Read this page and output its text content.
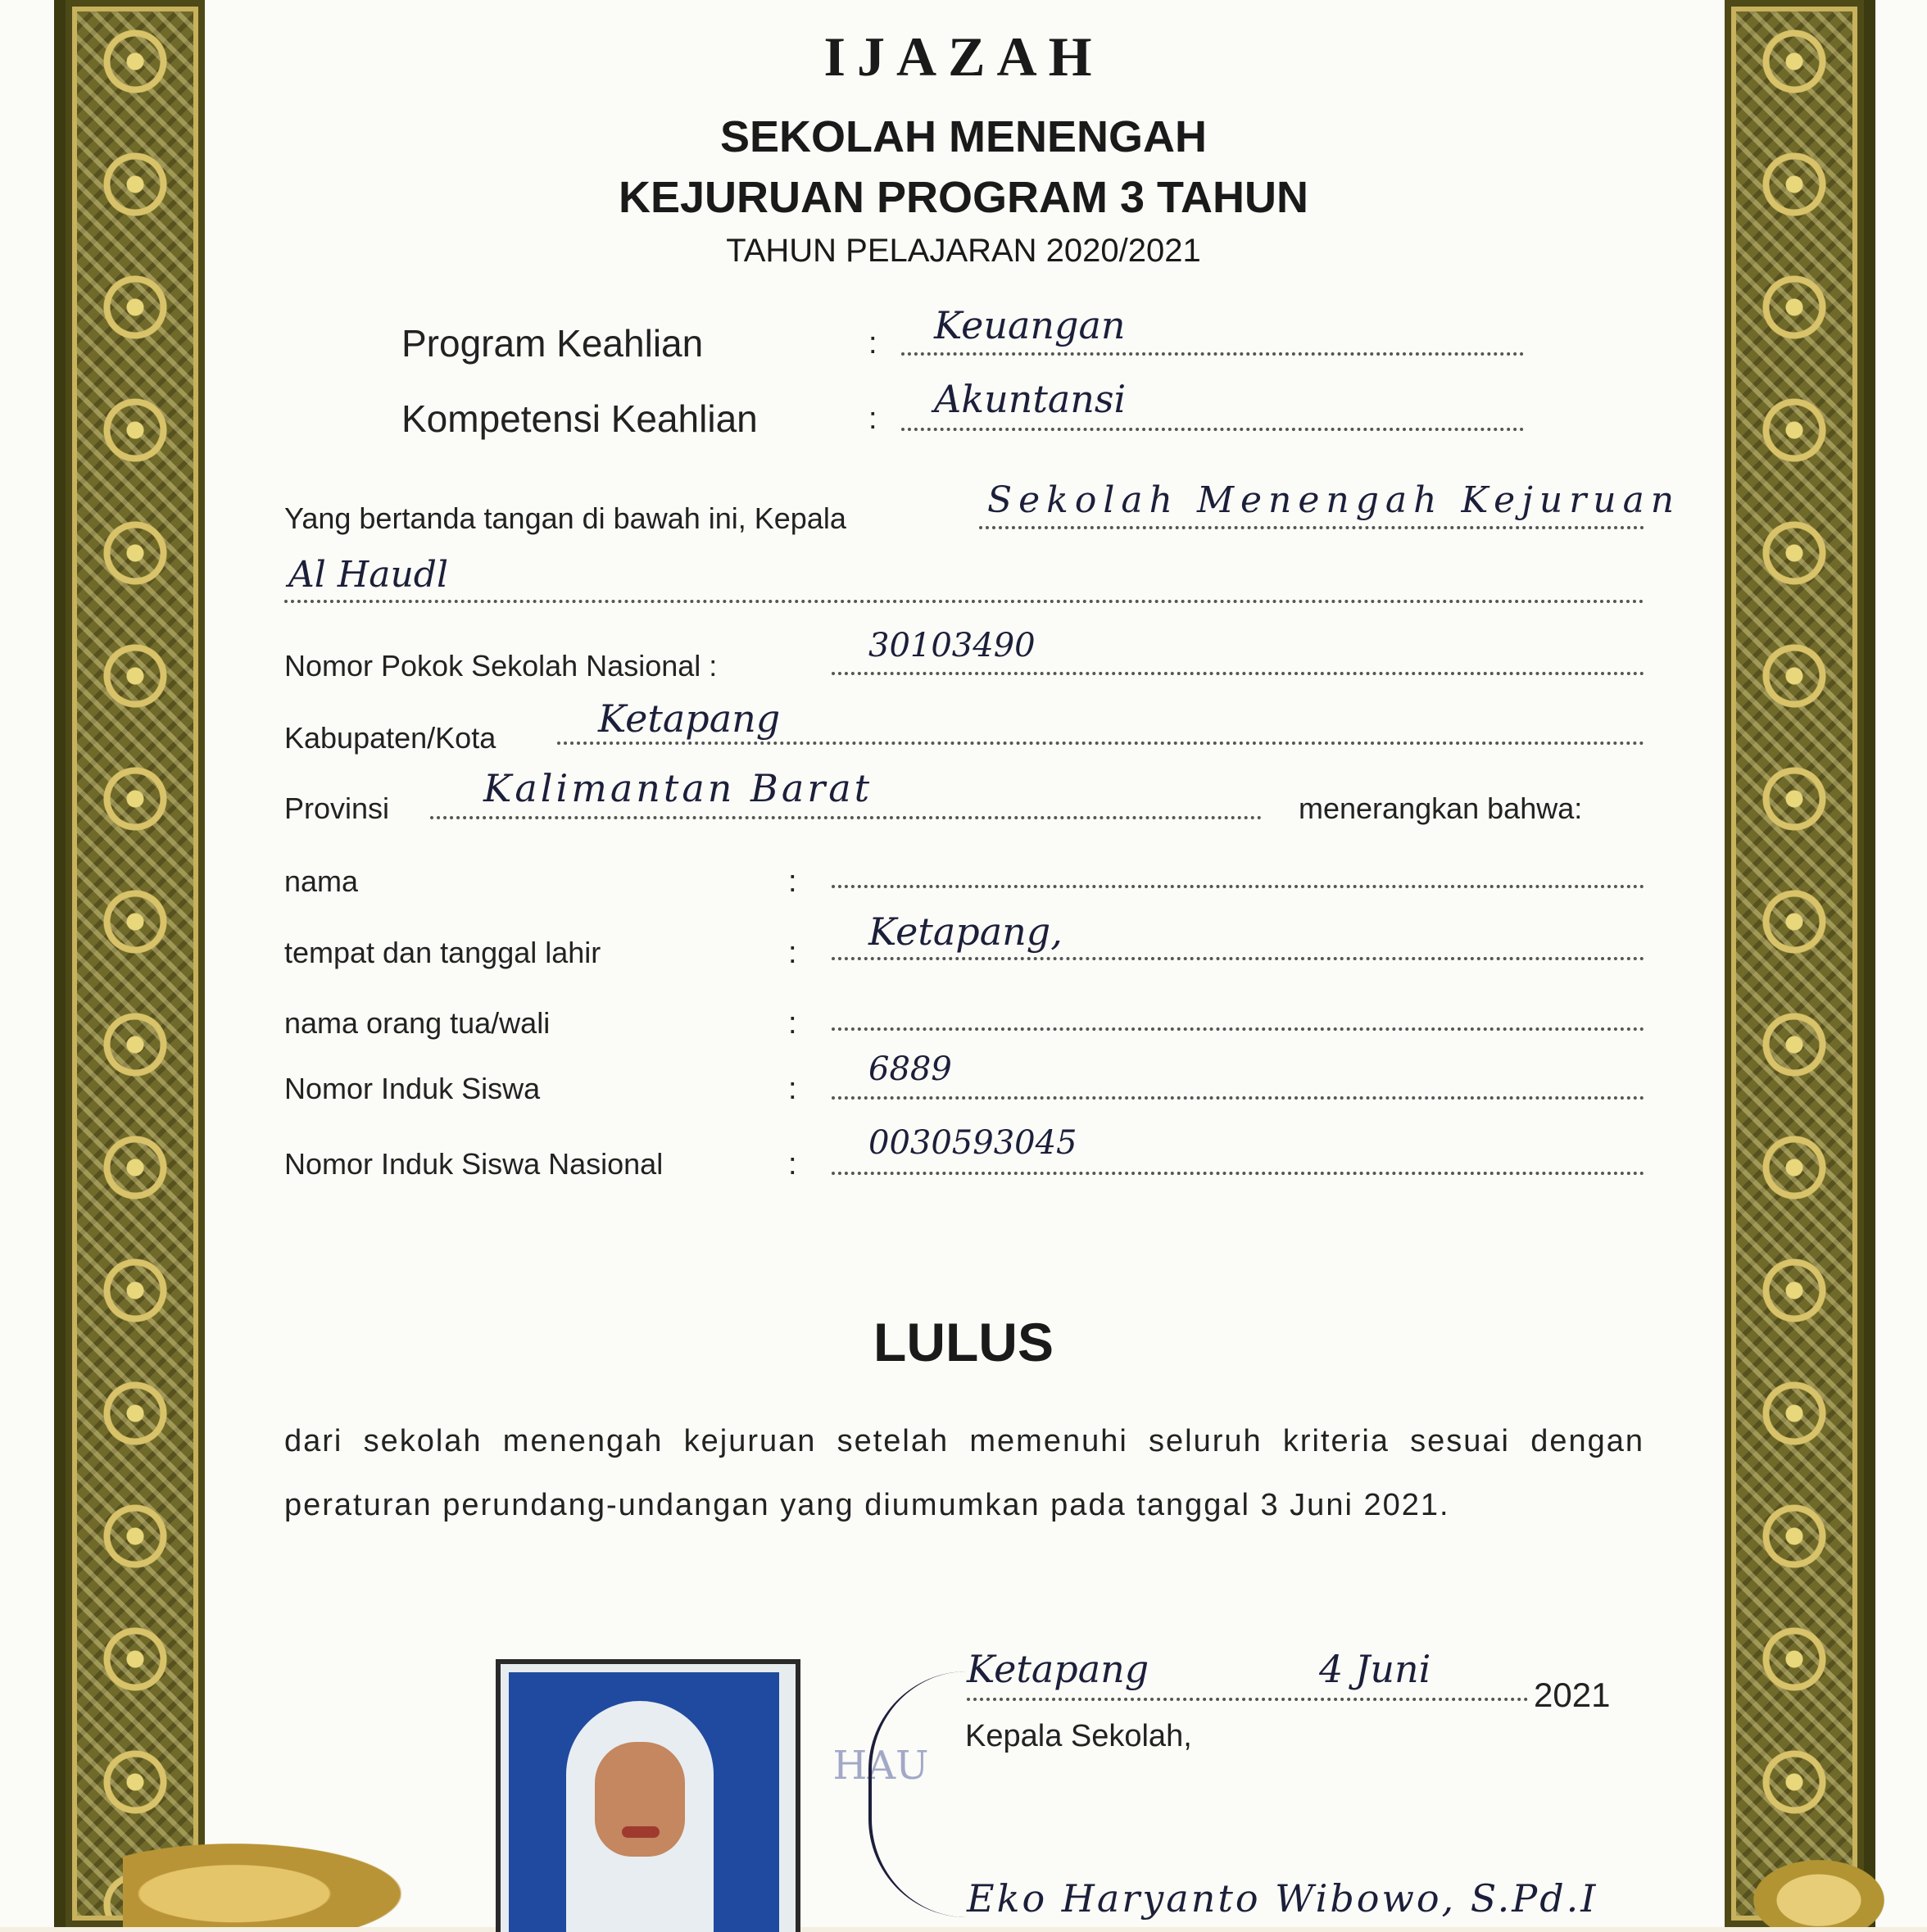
IJAZAH
SEKOLAH MENENGAH
KEJURUAN PROGRAM 3 TAHUN
TAHUN PELAJARAN 2020/2021
Program Keahlian	: Keuangan
Kompetensi Keahlian	: Akuntansi
Yang bertanda tangan di bawah ini, Kepala	Sekolah Menengah Kejuruan
Al Haudl
Nomor Pokok Sekolah Nasional :
30103490
Kabupaten/Kota	Ketapang
Provinsi Kalimantan Barat	menerangkan bahwa:
nama	:
tempat dan tanggal lahir	: Ketapang,
nama orang tua/wali	:
Nomor Induk Siswa	:
6889
Nomor Induk Siswa Nasional	:
0030593045
LULUS
dari sekolah menengah kejuruan setelah memenuhi seluruh kriteria sesuai dengan peraturan perundang-undangan yang diumumkan pada tanggal 3 Juni 2021.
HAU
Ketapang	4 Juni
2021
Kepala Sekolah,
Eko Haryanto Wibowo, S.Pd.I
